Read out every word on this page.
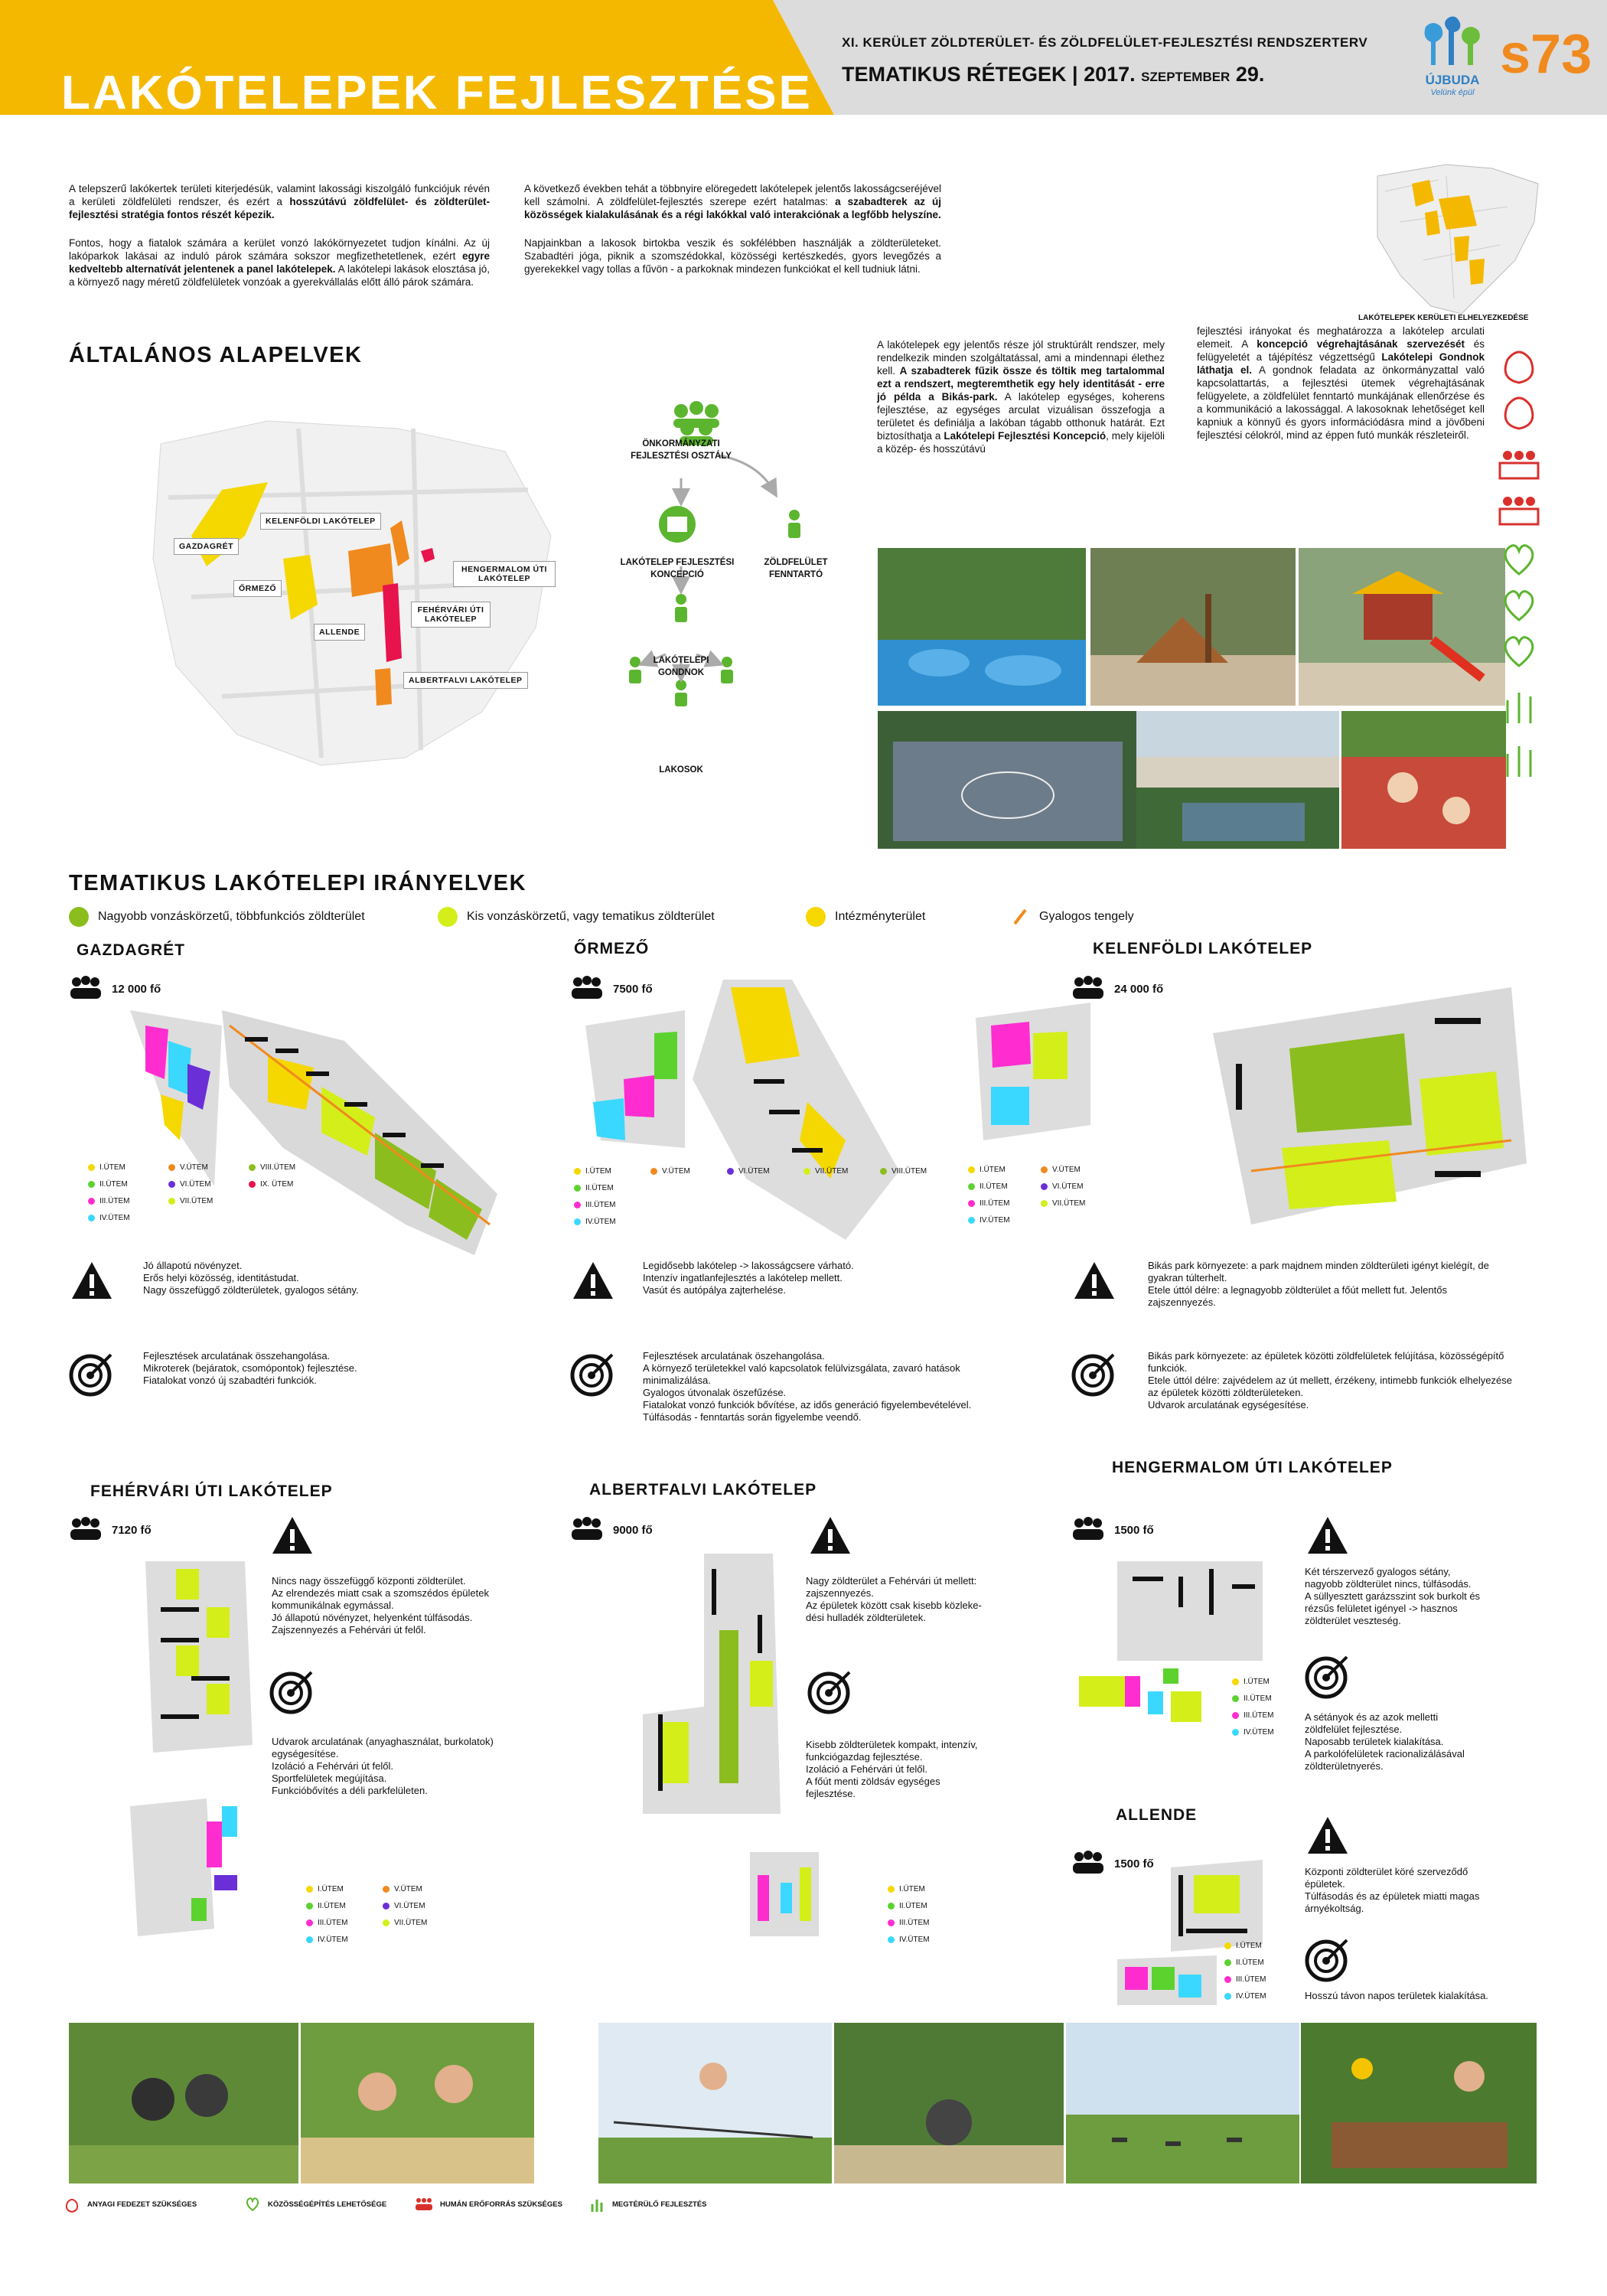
LAKÓTELEPEK FEJLESZTÉSE
XI. KERÜLET ZÖLDTERÜLET- ÉS ZÖLDFELÜLET-FEJLESZTÉSI RENDSZERTERV
TEMATIKUS RÉTEGEK | 2017. SZEPTEMBER 29.	ÚJBUDA
Velünk épül
s73

A telepszerű lakókertek területi kiterjedésük, valamint lakossági kiszolgáló funkciójuk révén a kerületi zöldfelületi rendszer, és ezért a hosszútávú zöldfelület- és zöldterület-fejlesztési stratégia fontos részét képezik.

Fontos, hogy a fiatalok számára a kerület vonzó lakókörnyezetet tudjon kínálni. Az új lakóparkok lakásai az induló párok számára sokszor megfizethetetlenek, ezért egyre kedveltebb alternatívát jelentenek a panel lakótelepek. A lakótelepi lakások elosztása jó, a környező nagy méretű zöldfelületek vonzóak a gyerekvállalás előtt álló párok számára.

A következő években tehát a többnyire elöregedett lakótelepek jelentős lakosságcseréjével kell számolni. A zöldfelület-fejlesztés szerepe ezért hatalmas: a szabadterek az új közösségek kialakulásának és a régi lakókkal való interakciónak a legfőbb helyszíne.

Napjainkban a lakosok birtokba veszik és sokfélébben használják a zöldterületeket. Szabadtéri jóga, piknik a szomszédokkal, közösségi kertészkedés, gyors levegőzés a gyerekekkel vagy tollas a fűvön - a parkoknak mindezen funkciókat el kell tudniuk látni.

LAKÓTELEPEK KERÜLETI ELHELYEZKEDÉSE
ÁLTALÁNOS ALAPELVEK
GAZDAGRÉT
KELENFÖLDI LAKÓTELEP
ŐRMEZŐ
ALLENDE
HENGERMALOM ÚTI LAKÓTELEP
FEHÉRVÁRI ÚTI LAKÓTELEP
ALBERTFALVI LAKÓTELEP
ÖNKORMÁNYZATI FEJLESZTÉSI OSZTÁLY
LAKÓTELEP FEJLESZTÉSI KONCEPCIÓ
ZÖLDFELÜLET FENNTARTÓ
LAKÓTELEPI GONDNOK
LAKOSOK
A lakótelepek egy jelentős része jól struktúrált rendszer, mely rendelkezik minden szolgáltatással, ami a mindennapi élethez kell. A szabadterek fűzik össze és töltik meg tartalommal ezt a rendszert, megteremthetik egy hely identitását - erre jó példa a Bikás-park. A lakótelep egységes, koherens fejlesztése, az egységes arculat vizuálisan összefogja a területet és definiálja a lakóban tágabb otthonuk határát. Ezt biztosíthatja a Lakótelepi Fejlesztési Koncepció, mely kijelöli a közép- és hosszútávú
fejlesztési irányokat és meghatározza a lakótelep arculati elemeit. A koncepció végrehajtásának szervezését és felügyeletét a tájépítész végzettségű Lakótelepi Gondnok láthatja el. A gondnok feladata az önkormányzattal való kapcsolattartás, a fejlesztési ütemek végrehajtásának felügyelete, a zöldfelület fenntartó munkájának ellenőrzése és a kommunikáció a lakossággal. A lakosoknak lehetőséget kell kapniuk a könnyű és gyors információdásra mind a jövőbeni fejlesztési célokról, mind az éppen futó munkák részleteiről.
TEMATIKUS LAKÓTELEPI IRÁNYELVEK
Nagyobb vonzáskörzetű, többfunkciós zöldterület	Kis vonzáskörzetű, vagy tematikus zöldterület	Intézményterület	Gyalogos tengely
GAZDAGRÉT	ŐRMEZŐ	KELENFÖLDI LAKÓTELEP
12 000 fő	7500 fő	24 000 fő
I.ÜTEM
II.ÜTEM
III.ÜTEM
IV.ÜTEM
V.ÜTEM
VI.ÜTEM
VII.ÜTEM
VIII.ÜTEM
IX. ÜTEM
I.ÜTEM
II.ÜTEM
III.ÜTEM
IV.ÜTEM
V.ÜTEM	VI.ÜTEM	VII.ÜTEM	VIII.ÜTEM	I.ÜTEM
II.ÜTEM
III.ÜTEM
IV.ÜTEM
V.ÜTEM
VI.ÜTEM
VII.ÜTEM
Jó állapotú növényzet.
Erős helyi közösség, identitástudat.
Nagy összefüggő zöldterületek, gyalogos sétány.
Fejlesztések arculatának összehangolása.
Mikroterek (bejáratok, csomópontok) fejlesztése.
Fiatalokat vonzó új szabadtéri funkciók.
Legidősebb lakótelep -> lakosságcsere várható.
Intenzív ingatlanfejlesztés a lakótelep mellett.
Vasút és autópálya zajterhelése.
Fejlesztések arculatának öszehangolása.
A környező területekkel való kapcsolatok felülvizsgálata, zavaró hatások minimalizálása.
Gyalogos útvonalak öszefűzése.
Fiatalokat vonzó funkciók bővítése, az idős generáció figyelembevételével.
Túlfásodás - fenntartás során figyelembe veendő.
Bikás park környezete: a park majdnem minden zöldterületi igényt kielégít, de gyakran túlterhelt.
Etele úttól délre: a legnagyobb zöldterület a főút mellett fut. Jelentős zajszennyezés.
Bikás park környezete: az épületek közötti zöldfelületek felújítása, közösségépítő funkciók.
Etele úttól délre: zajvédelem az út mellett, érzékeny, intimebb funkciók elhelyezése az épületek közötti zöldterületeken.
Udvarok arculatának egységesítése.
FEHÉRVÁRI ÚTI LAKÓTELEP	ALBERTFALVI LAKÓTELEP
HENGERMALOM ÚTI LAKÓTELEP
7120 fő	9000 fő	1500 fő
I.ÜTEM
II.ÜTEM
III.ÜTEM
IV.ÜTEM
V.ÜTEM
VI.ÜTEM
VII.ÜTEM
Nincs nagy összefüggő központi zöldterület.
Az elrendezés miatt csak a szomszédos épületek kommunikálnak egymással.
Jó állapotú növényzet, helyenként túlfásodás.
Zajszennyezés a Fehérvári út felől.
Udvarok arculatának (anyaghasználat, burkolatok) egységesítése.
Izoláció a Fehérvári út felől.
Sportfelületek megújítása.
Funkcióbővítés a déli parkfelületen.
I.ÜTEM
II.ÜTEM
III.ÜTEM
IV.ÜTEM
Nagy zöldterület a Fehérvári út mellett:
zajszennyezés.
Az épületek között csak kisebb közleke-
dési hulladék zöldterületek.
Kisebb zöldterületek kompakt, intenzív,
funkciógazdag fejlesztése.
Izoláció a Fehérvári út felől.
A főút menti zöldsáv egységes
fejlesztése.
I.ÜTEM
II.ÜTEM
III.ÜTEM
IV.ÜTEM
Két térszervező gyalogos sétány,
nagyobb zöldterület nincs, túlfásodás.
A süllyesztett garázsszint sok burkolt és
rézsűs felületet igényel -> hasznos
zöldterület veszteség.
A sétányok és az azok melletti
zöldfelület fejlesztése.
Naposabb területek kialakítása.
A parkolófelületek racionalizálásával
zöldterületnyerés.
ALLENDE
1500 fő
I.ÜTEM
II.ÜTEM
III.ÜTEM
IV.ÜTEM
Központi zöldterület köré szerveződő
épületek.
Túlfásodás és az épületek miatti magas
árnyékoltság.
Hosszú távon napos területek kialakítása.
ANYAGI FEDEZET SZÜKSÉGES	KÖZÖSSÉGÉPÍTÉS LEHETŐSÉGE	HUMÁN ERŐFORRÁS SZÜKSÉGES	MEGTÉRÜLŐ FEJLESZTÉS
